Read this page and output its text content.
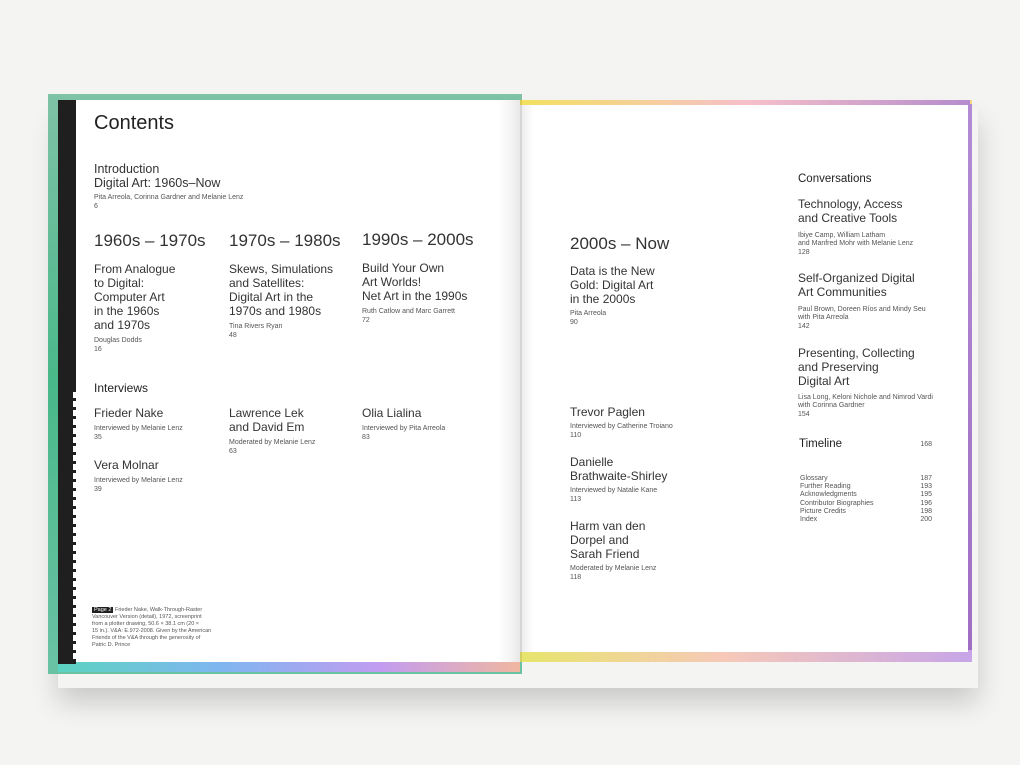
Contents
Introduction
Digital Art: 1960s–Now
Pita Arreola, Corinna Gardner and Melanie Lenz
6
1960s – 1970s
From Analogue
to Digital:
Computer Art
in the 1960s
and 1970s
Douglas Dodds
16
1970s – 1980s
Skews, Simulations
and Satellites:
Digital Art in the
1970s and 1980s
Tina Rivers Ryan
48
1990s – 2000s
Build Your Own
Art Worlds!
Net Art in the 1990s
Ruth Catlow and Marc Garrett
72
Interviews
Frieder Nake
Interviewed by Melanie Lenz
35
Vera Molnar
Interviewed by Melanie Lenz
39
Lawrence Lek
and David Em
Moderated by Melanie Lenz
63
Olia Lialina
Interviewed by Pita Arreola
83
Page 2 Frieder Nake, Walk-Through-Raster
Vancouver Version (detail), 1972, screenprint
from a plotter drawing, 50.6 × 38.1 cm (20 ×
15 in.). V&A: E.972-2008. Given by the American
Friends of the V&A through the generosity of
Patric D. Prince
2000s – Now
Data is the New
Gold: Digital Art
in the 2000s
Pita Arreola
90
Trevor Paglen
Interviewed by Catherine Troiano
110
Danielle
Brathwaite-Shirley
Interviewed by Natalie Kane
113
Harm van den
Dorpel and
Sarah Friend
Moderated by Melanie Lenz
118
Conversations
Technology, Access
and Creative Tools
Ibiye Camp, William Latham
and Manfred Mohr with Melanie Lenz
128
Self-Organized Digital
Art Communities
Paul Brown, Doreen Ríos and Mindy Seu
with Pita Arreola
142
Presenting, Collecting
and Preserving
Digital Art
Lisa Long, Keloni Nichole and Nimrod Vardi
with Corinna Gardner
154
Timeline	168
Glossary	187
Further Reading	193
Acknowledgments	195
Contributor Biographies	196
Picture Credits	198
Index	200
